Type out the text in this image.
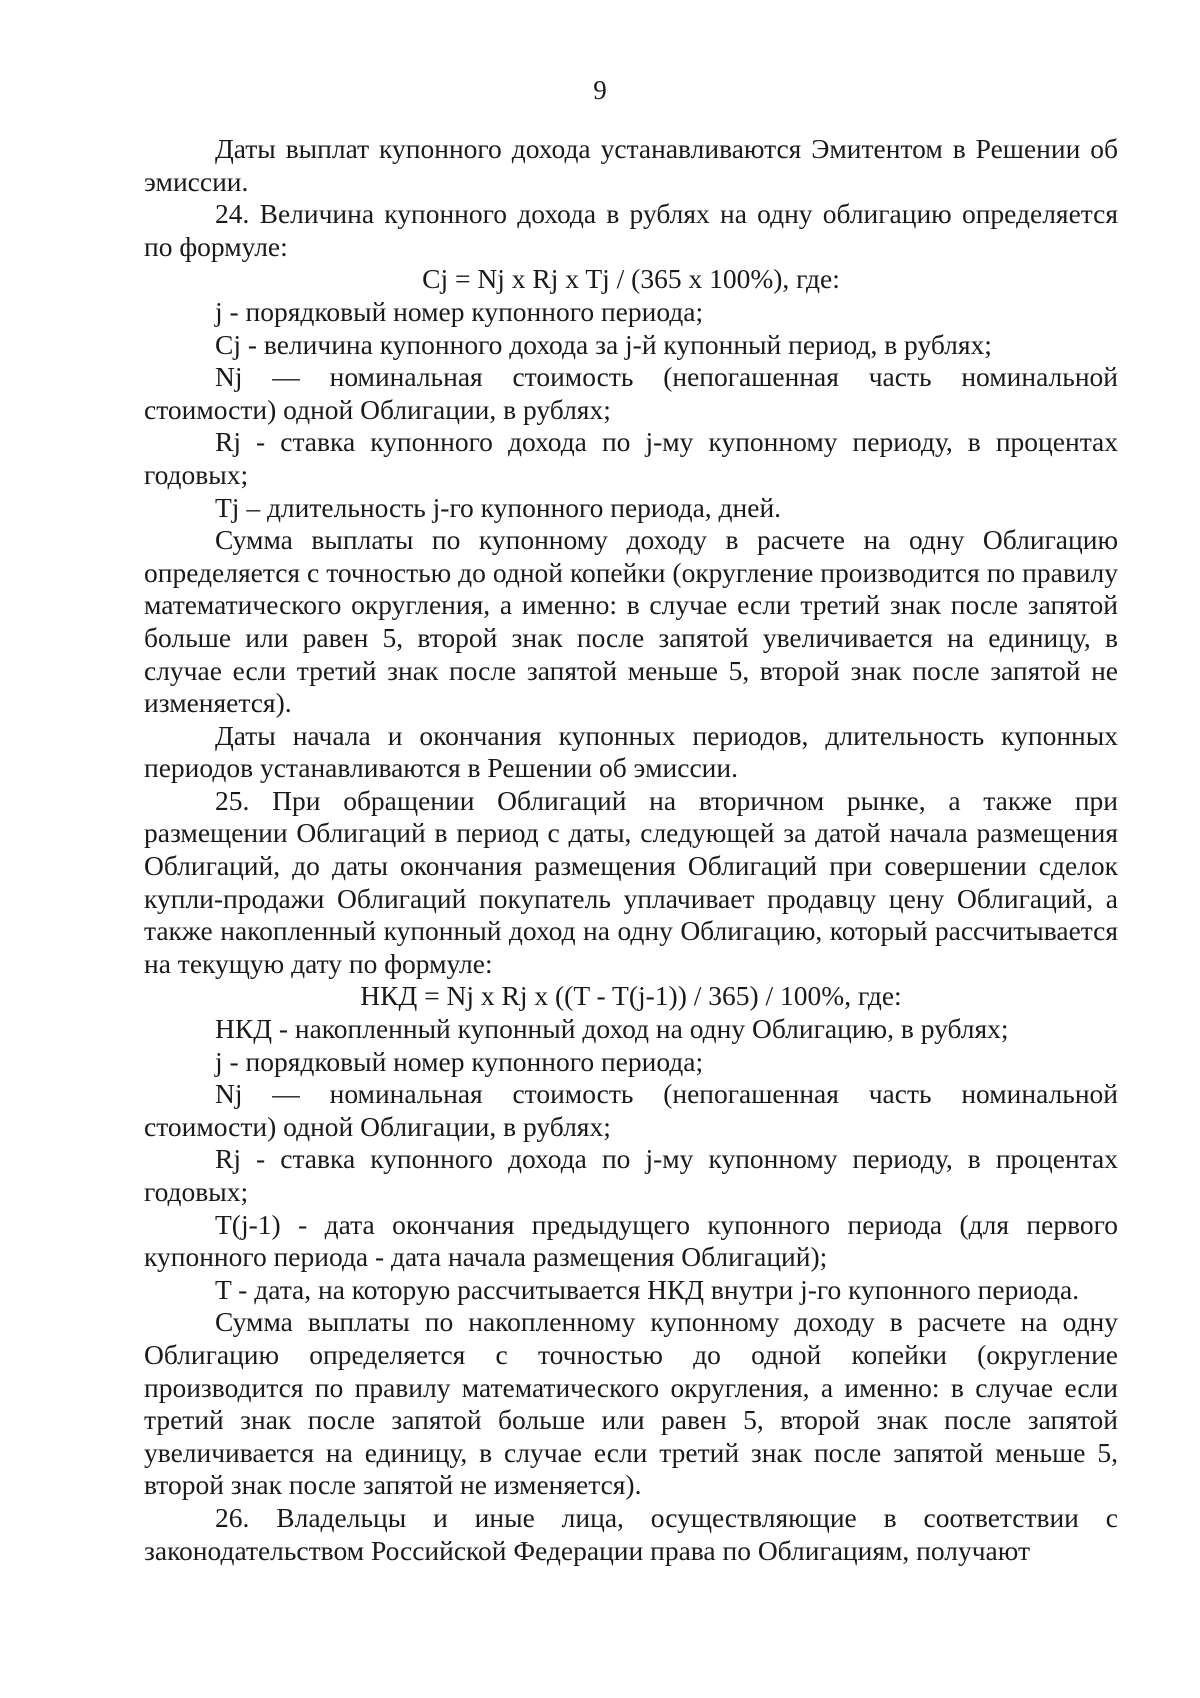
9

Даты выплат купонного дохода устанавливаются Эмитентом в Решении об эмиссии.

24. Величина купонного дохода в рублях на одну облигацию определяется по формуле:

Cj = Nj x Rj x Tj / (365 x 100%), где:

j - порядковый номер купонного периода;

Cj - величина купонного дохода за j-й купонный период, в рублях;

Nj — номинальная стоимость (непогашенная часть номинальной стоимости) одной Облигации, в рублях;

Rj - ставка купонного дохода по j-му купонному периоду, в процентах годовых;

Tj – длительность j-го купонного периода, дней.

Сумма выплаты по купонному доходу в расчете на одну Облигацию определяется с точностью до одной копейки (округление производится по правилу математического округления, а именно: в случае если третий знак после запятой больше или равен 5, второй знак после запятой увеличивается на единицу, в случае если третий знак после запятой меньше 5, второй знак после запятой не изменяется).

Даты начала и окончания купонных периодов, длительность купонных периодов устанавливаются в Решении об эмиссии.

25. При обращении Облигаций на вторичном рынке, а также при размещении Облигаций в период с даты, следующей за датой начала размещения Облигаций, до даты окончания размещения Облигаций при совершении сделок купли-продажи Облигаций покупатель уплачивает продавцу цену Облигаций, а также накопленный купонный доход на одну Облигацию, который рассчитывается на текущую дату по формуле:

НКД = Nj x Rj x ((T - T(j-1)) / 365) / 100%, где:

НКД - накопленный купонный доход на одну Облигацию, в рублях;

j - порядковый номер купонного периода;

Nj — номинальная стоимость (непогашенная часть номинальной стоимости) одной Облигации, в рублях;

Rj - ставка купонного дохода по j-му купонному периоду, в процентах годовых;

T(j-1) - дата окончания предыдущего купонного периода (для первого купонного периода - дата начала размещения Облигаций);

T - дата, на которую рассчитывается НКД внутри j-го купонного периода.

Сумма выплаты по накопленному купонному доходу в расчете на одну Облигацию определяется с точностью до одной копейки (округление производится по правилу математического округления, а именно: в случае если третий знак после запятой больше или равен 5, второй знак после запятой увеличивается на единицу, в случае если третий знак после запятой меньше 5, второй знак после запятой не изменяется).

26. Владельцы и иные лица, осуществляющие в соответствии с законодательством Российской Федерации права по Облигациям, получают
